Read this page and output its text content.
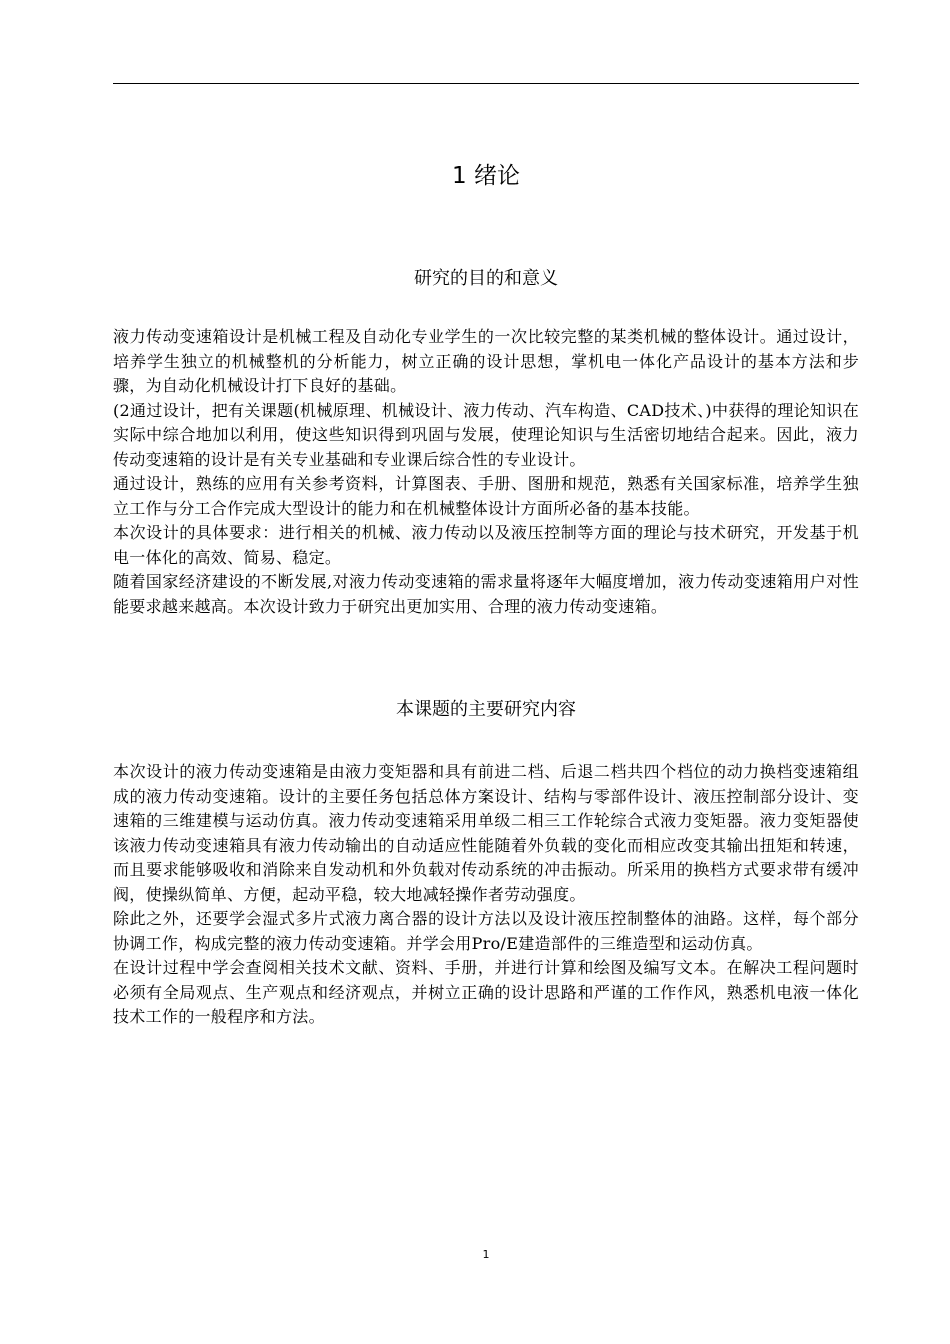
1 绪论
研究的目的和意义

液力传动变速箱设计是机械工程及自动化专业学生的一次比较完整的某类机械的整体设计。通过设计，培养学生独立的机械整机的分析能力，树立正确的设计思想，掌机电一体化产品设计的基本方法和步骤，为自动化机械设计打下良好的基础。

(2通过设计，把有关课题(机械原理、机械设计、液力传动、汽车构造、CAD技术、)中获得的理论知识在实际中综合地加以利用，使这些知识得到巩固与发展，使理论知识与生活密切地结合起来。因此，液力传动变速箱的设计是有关专业基础和专业课后综合性的专业设计。

通过设计，熟练的应用有关参考资料，计算图表、手册、图册和规范，熟悉有关国家标准，培养学生独立工作与分工合作完成大型设计的能力和在机械整体设计方面所必备的基本技能。

本次设计的具体要求：进行相关的机械、液力传动以及液压控制等方面的理论与技术研究，开发基于机电一体化的高效、简易、稳定。

随着国家经济建设的不断发展,对液力传动变速箱的需求量将逐年大幅度增加，液力传动变速箱用户对性能要求越来越高。本次设计致力于研究出更加实用、合理的液力传动变速箱。

本课题的主要研究内容

本次设计的液力传动变速箱是由液力变矩器和具有前进二档、后退二档共四个档位的动力换档变速箱组成的液力传动变速箱。设计的主要任务包括总体方案设计、结构与零部件设计、液压控制部分设计、变速箱的三维建模与运动仿真。液力传动变速箱采用单级二相三工作轮综合式液力变矩器。液力变矩器使该液力传动变速箱具有液力传动输出的自动适应性能随着外负载的变化而相应改变其输出扭矩和转速，而且要求能够吸收和消除来自发动机和外负载对传动系统的冲击振动。所采用的换档方式要求带有缓冲阀，使操纵简单、方便，起动平稳，较大地减轻操作者劳动强度。

除此之外，还要学会湿式多片式液力离合器的设计方法以及设计液压控制整体的油路。这样，每个部分协调工作，构成完整的液力传动变速箱。并学会用Pro/E建造部件的三维造型和运动仿真。

在设计过程中学会查阅相关技术文献、资料、手册，并进行计算和绘图及编写文本。在解决工程问题时必须有全局观点、生产观点和经济观点，并树立正确的设计思路和严谨的工作作风，熟悉机电液一体化技术工作的一般程序和方法。

1
